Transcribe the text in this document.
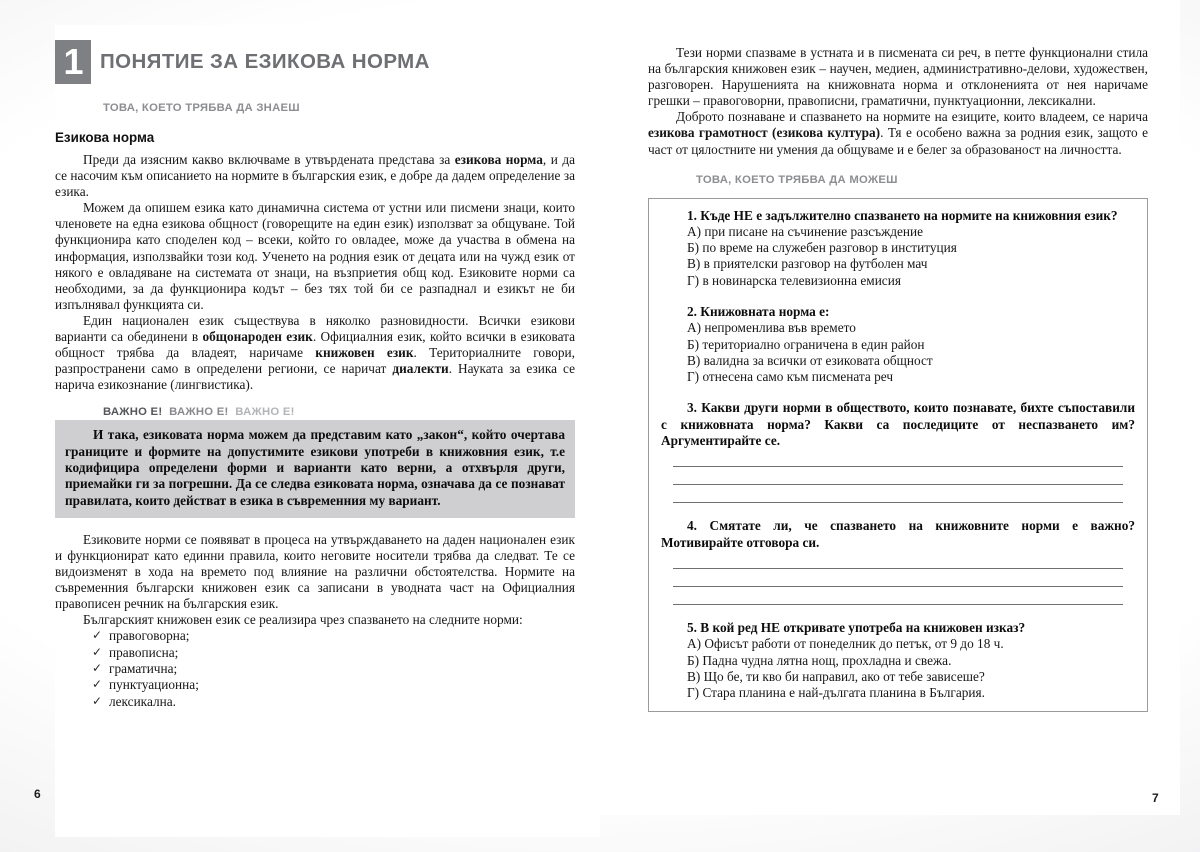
1 ПОНЯТИЕ ЗА ЕЗИКОВА НОРМА
ТОВА, КОЕТО ТРЯБВА ДА ЗНАЕШ
Езикова норма

Преди да изясним какво включваме в утвърдената представа за езикова норма, и да се насочим към описанието на нормите в българския език, е добре да дадем определение за езика.

Можем да опишем езика като динамична система от устни или писмени знаци, които членовете на една езикова общност (говорещите на един език) използват за общуване. Той функционира като споделен код – всеки, който го овладее, може да участва в обмена на информация, използвайки този код. Ученето на родния език от децата или на чужд език от някого е овладяване на системата от знаци, на възприетия общ код. Езиковите норми са необходими, за да функционира кодът – без тях той би се разпаднал и езикът не би изпълнявал функцията си.

Един национален език съществува в няколко разновидности. Всички езикови варианти са обединени в общонароден език. Официалния език, който всички в езиковата общност трябва да владеят, наричаме книжовен език. Териториалните говори, разпространени само в определени региони, се наричат диалекти. Науката за езика се нарича езикознание (лингвистика).

ВАЖНО Е! ВАЖНО Е! ВАЖНО Е!

И така, езиковата норма можем да представим като „закон“, който очертава границите и формите на допустимите езикови употреби в книжовния език, т.е кодифицира определени форми и варианти като верни, а отхвърля други, приемайки ги за погрешни. Да се следва езиковата норма, означава да се познават правилата, които действат в езика в съвременния му вариант.

Езиковите норми се появяват в процеса на утвърждаването на даден национален език и функционират като единни правила, които неговите носители трябва да следват. Те се видоизменят в хода на времето под влияние на различни обстоятелства. Нормите на съвременния български книжовен език са записани в уводната част на Официалния правописен речник на българския език.

Българският книжовен език се реализира чрез спазването на следните норми:

✓ правоговорна;
✓ правописна;
✓ граматична;
✓ пунктуационна;
✓ лексикална.

Тези норми спазваме в устната и в писмената си реч, в петте функционални стила на българския книжовен език – научен, медиен, административно-делови, художествен, разговорен. Нарушенията на книжовната норма и отклоненията от нея наричаме грешки – правоговорни, правописни, граматични, пунктуационни, лексикални.

Доброто познаване и спазването на нормите на езиците, които владеем, се нарича езикова грамотност (езикова култура). Тя е особено важна за родния език, защото е част от цялостните ни умения да общуваме и е белег за образованост на личността.

ТОВА, КОЕТО ТРЯБВА ДА МОЖЕШ

1. Къде НЕ е задължително спазването на нормите на книжовния език?

А) при писане на съчинение разсъждение
Б) по време на служебен разговор в институция
В) в приятелски разговор на футболен мач
Г) в новинарска телевизионна емисия

2. Книжовната норма е:

А) непроменлива във времето
Б) териториално ограничена в един район
В) валидна за всички от езиковата общност
Г) отнесена само към писмената реч

3. Какви други норми в обществото, които познавате, бихте съпоставили с книжовната норма? Какви са последиците от неспазването им? Аргументирайте се.

4. Смятате ли, че спазването на книжовните норми е важно? Мотивирайте отговора си.

5. В кой ред НЕ откривате употреба на книжовен изказ?

А) Офисът работи от понеделник до петък, от 9 до 18 ч.
Б) Падна чудна лятна нощ, прохладна и свежа.
В) Що бе, ти кво би направил, ако от тебе зависеше?
Г) Стара планина е най-дългата планина в България.
6	7
